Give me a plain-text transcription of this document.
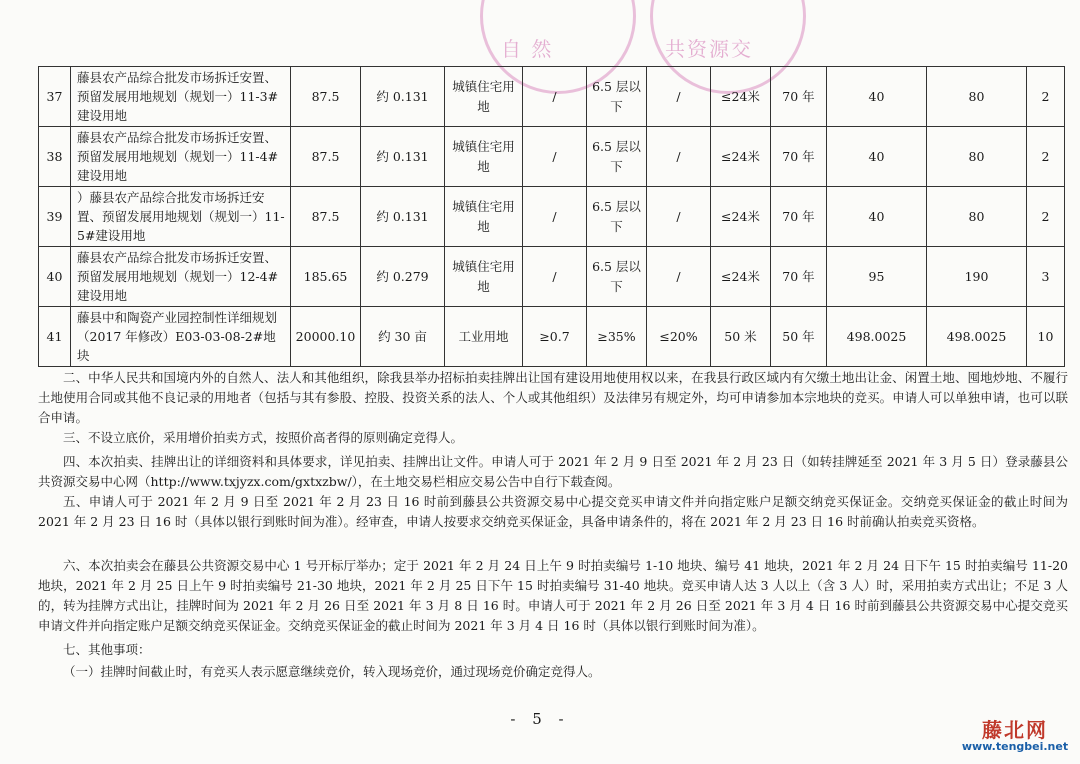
自 然	共资源交
37	藤县农产品综合批发市场拆迁安置、预留发展用地规划（规划一）11-3#建设用地	87.5	约 0.131	城镇住宅用地	/	6.5 层以下	/	≤24米	70 年	40	80	2
38	藤县农产品综合批发市场拆迁安置、预留发展用地规划（规划一）11-4#建设用地	87.5	约 0.131	城镇住宅用地	/	6.5 层以下	/	≤24米	70 年	40	80	2
39	）藤县农产品综合批发市场拆迁安置、预留发展用地规划（规划一）11-5#建设用地	87.5	约 0.131	城镇住宅用地	/	6.5 层以下	/	≤24米	70 年	40	80	2
40	藤县农产品综合批发市场拆迁安置、预留发展用地规划（规划一）12-4#建设用地	185.65	约 0.279	城镇住宅用地	/	6.5 层以下	/	≤24米	70 年	95	190	3
41	藤县中和陶瓷产业园控制性详细规划（2017 年修改）E03-03-08-2#地块	20000.10	约 30 亩	工业用地	≥0.7	≥35%	≤20%	50 米	50 年	498.0025	498.0025	10
二、中华人民共和国境内外的自然人、法人和其他组织，除我县举办招标拍卖挂牌出让国有建设用地使用权以来，在我县行政区域内有欠缴土地出让金、闲置土地、囤地炒地、不履行土地使用合同或其他不良记录的用地者（包括与其有参股、控股、投资关系的法人、个人或其他组织）及法律另有规定外，均可申请参加本宗地块的竞买。申请人可以单独申请，也可以联合申请。
三、不设立底价，采用增价拍卖方式，按照价高者得的原则确定竞得人。
四、本次拍卖、挂牌出让的详细资料和具体要求，详见拍卖、挂牌出让文件。申请人可于 2021 年 2 月 9 日至 2021 年 2 月 23 日（如转挂牌延至 2021 年 3 月 5 日）登录藤县公共资源交易中心网（http://www.txjyzx.com/gxtxzbw/），在土地交易栏相应交易公告中自行下载查阅。
五、申请人可于 2021 年 2 月 9 日至 2021 年 2 月 23 日 16 时前到藤县公共资源交易中心提交竞买申请文件并向指定账户足额交纳竞买保证金。交纳竞买保证金的截止时间为 2021 年 2 月 23 日 16 时（具体以银行到账时间为准）。经审查，申请人按要求交纳竞买保证金，具备申请条件的，将在 2021 年 2 月 23 日 16 时前确认拍卖竞买资格。
六、本次拍卖会在藤县公共资源交易中心 1 号开标厅举办；定于 2021 年 2 月 24 日上午 9 时拍卖编号 1-10 地块、编号 41 地块，2021 年 2 月 24 日下午 15 时拍卖编号 11-20 地块，2021 年 2 月 25 日上午 9 时拍卖编号 21-30 地块，2021 年 2 月 25 日下午 15 时拍卖编号 31-40 地块。竞买申请人达 3 人以上（含 3 人）时，采用拍卖方式出让；不足 3 人的，转为挂牌方式出让，挂牌时间为 2021 年 2 月 26 日至 2021 年 3 月 8 日 16 时。申请人可于 2021 年 2 月 26 日至 2021 年 3 月 4 日 16 时前到藤县公共资源交易中心提交竞买申请文件并向指定账户足额交纳竞买保证金。交纳竞买保证金的截止时间为 2021 年 3 月 4 日 16 时（具体以银行到账时间为准）。
七、其他事项：
（一）挂牌时间截止时，有竞买人表示愿意继续竞价，转入现场竞价，通过现场竞价确定竞得人。
- 5 -	藤北网
www.tengbei.net
